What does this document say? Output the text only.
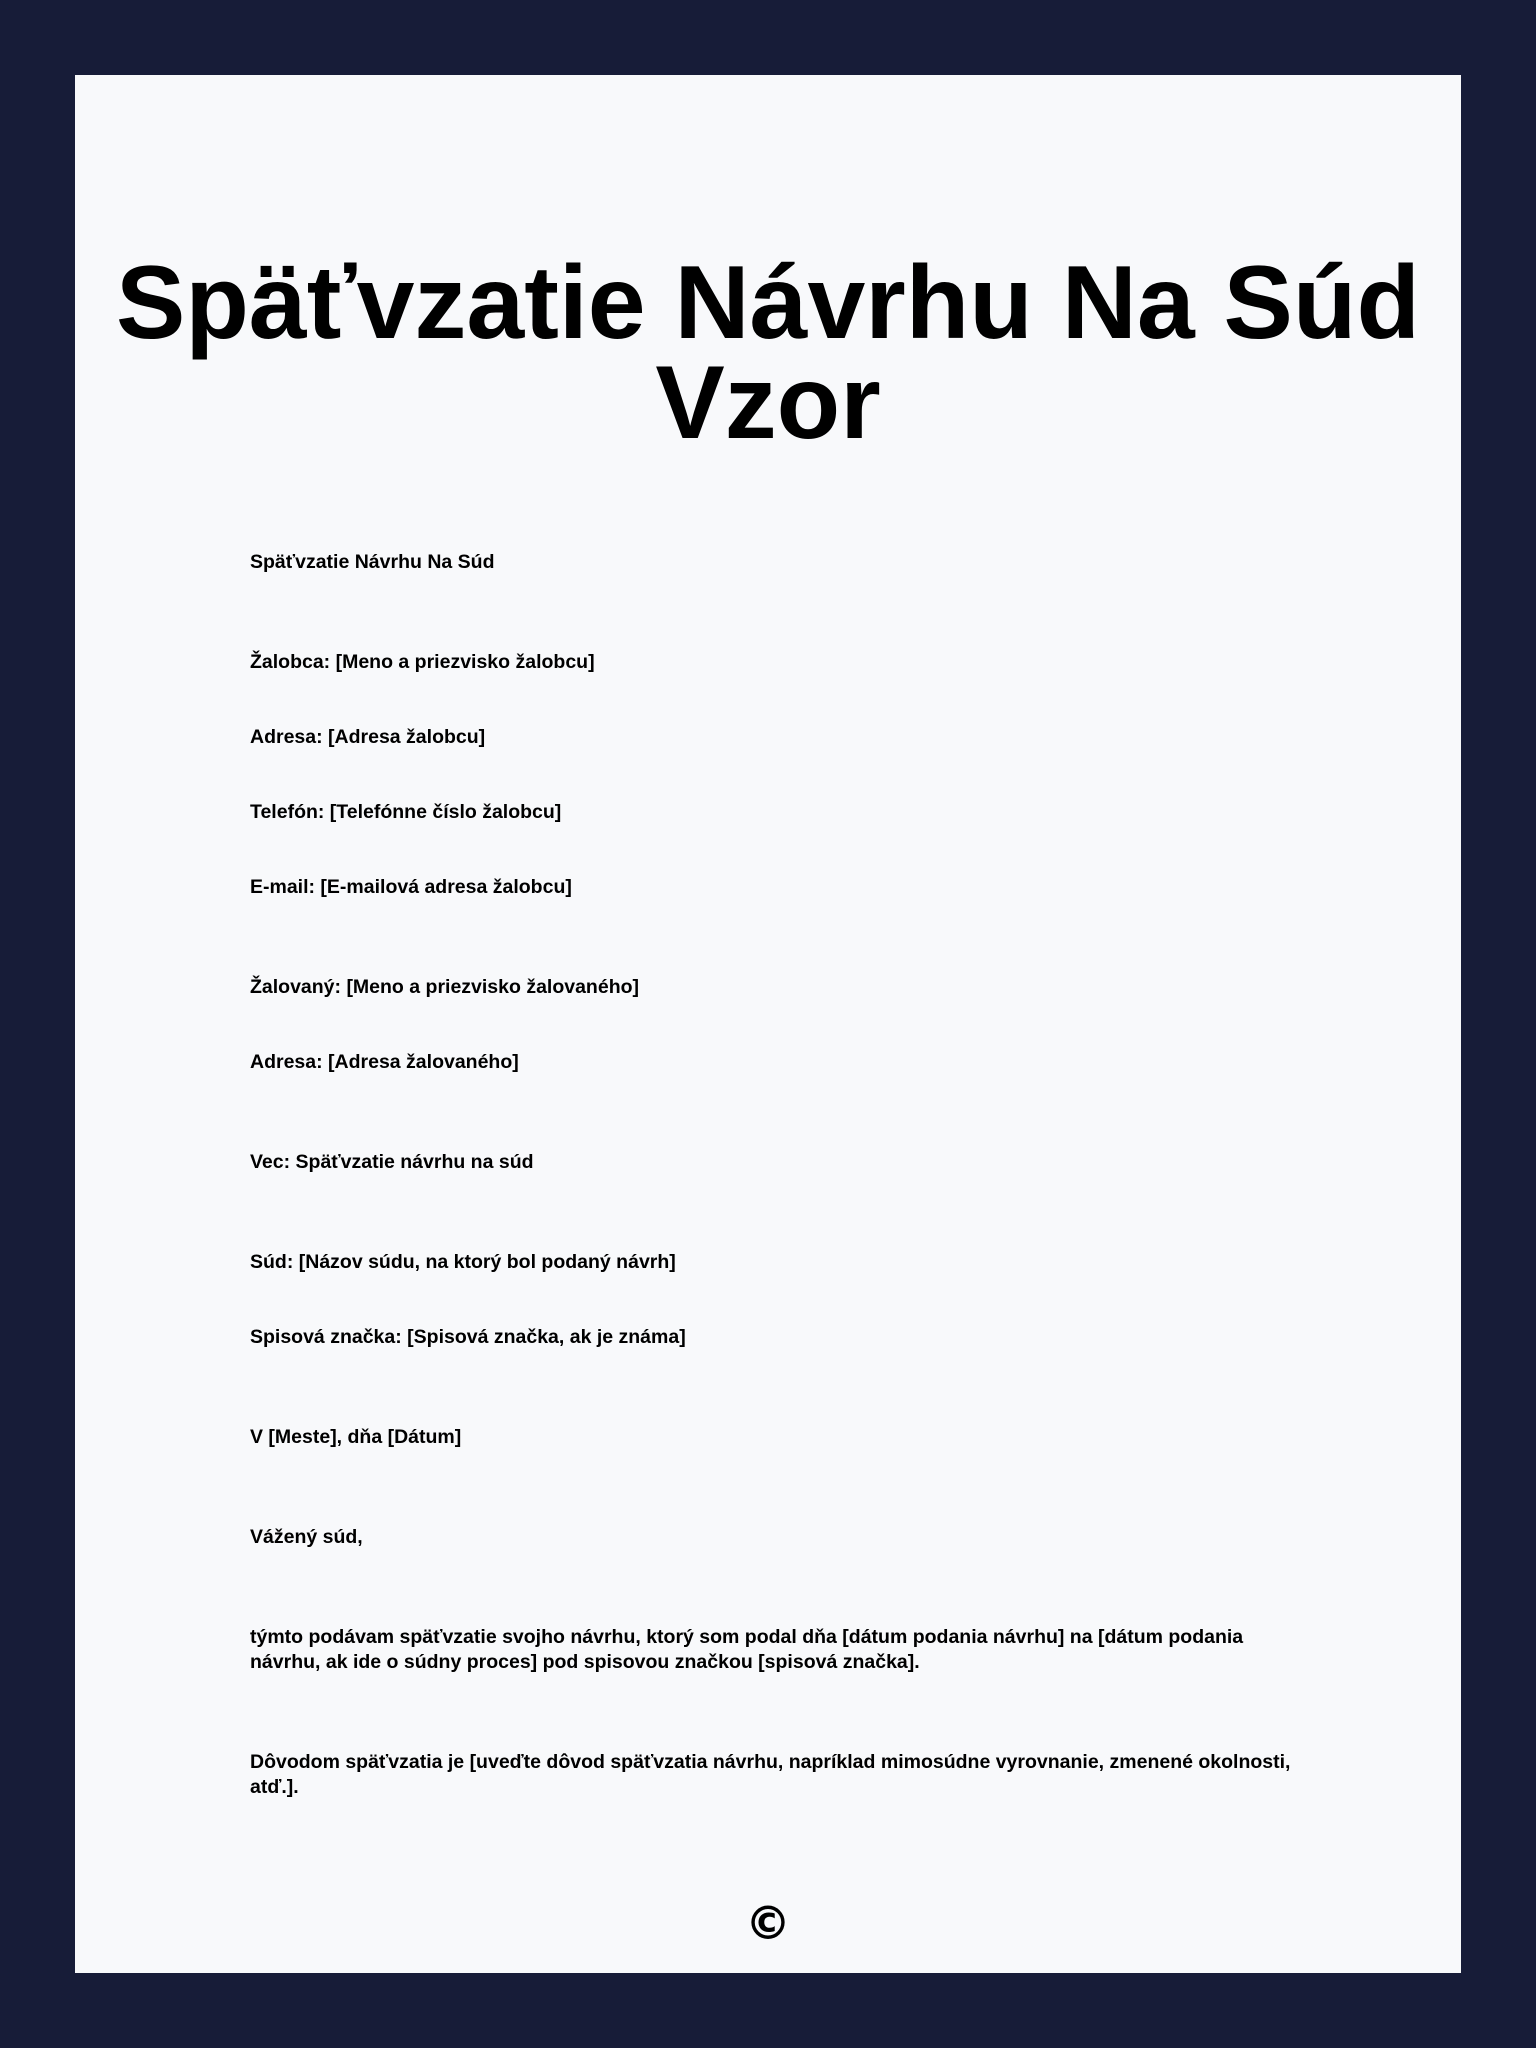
Späťvzatie Návrhu Na Súd
Vzor

Späťvzatie Návrhu Na Súd

Žalobca: [Meno a priezvisko žalobcu]

Adresa: [Adresa žalobcu]

Telefón: [Telefónne číslo žalobcu]

E-mail: [E-mailová adresa žalobcu]

Žalovaný: [Meno a priezvisko žalovaného]

Adresa: [Adresa žalovaného]

Vec: Späťvzatie návrhu na súd

Súd: [Názov súdu, na ktorý bol podaný návrh]

Spisová značka: [Spisová značka, ak je známa]

V [Meste], dňa [Dátum]

Vážený súd,

týmto podávam späťvzatie svojho návrhu, ktorý som podal dňa [dátum podania návrhu] na [dátum podania návrhu, ak ide o súdny proces] pod spisovou značkou [spisová značka].

Dôvodom späťvzatia je [uveďte dôvod späťvzatia návrhu, napríklad mimosúdne vyrovnanie, zmenené okolnosti, atď.].

©
